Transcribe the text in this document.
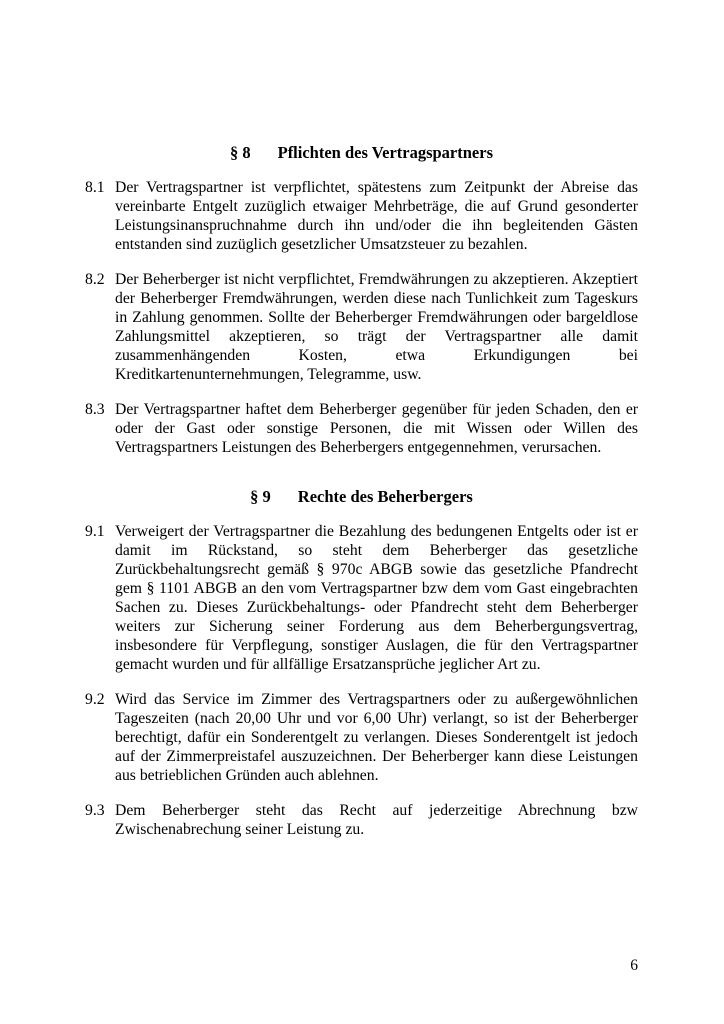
§ 8 Pflichten des Vertragspartners
8.1 Der Vertragspartner ist verpflichtet, spätestens zum Zeitpunkt der Abreise das vereinbarte Entgelt zuzüglich etwaiger Mehrbeträge, die auf Grund gesonderter Leistungsinanspruchnahme durch ihn und/oder die ihn begleitenden Gästen entstanden sind zuzüglich gesetzlicher Umsatzsteuer zu bezahlen.

8.2 Der Beherberger ist nicht verpflichtet, Fremdwährungen zu akzeptieren. Akzeptiert der Beherberger Fremdwährungen, werden diese nach Tunlichkeit zum Tageskurs in Zahlung genommen. Sollte der Beherberger Fremdwährungen oder bargeldlose Zahlungsmittel akzeptieren, so trägt der Vertragspartner alle damit zusammenhängenden Kosten, etwa Erkundigungen bei Kreditkartenunternehmungen, Telegramme, usw.

8.3 Der Vertragspartner haftet dem Beherberger gegenüber für jeden Schaden, den er oder der Gast oder sonstige Personen, die mit Wissen oder Willen des Vertragspartners Leistungen des Beherbergers entgegennehmen, verursachen.

§ 9 Rechte des Beherbergers
9.1 Verweigert der Vertragspartner die Bezahlung des bedungenen Entgelts oder ist er damit im Rückstand, so steht dem Beherberger das gesetzliche Zurückbehaltungsrecht gemäß § 970c ABGB sowie das gesetzliche Pfandrecht gem § 1101 ABGB an den vom Vertragspartner bzw dem vom Gast eingebrachten Sachen zu. Dieses Zurückbehaltungs- oder Pfandrecht steht dem Beherberger weiters zur Sicherung seiner Forderung aus dem Beherbergungsvertrag, insbesondere für Verpflegung, sonstiger Auslagen, die für den Vertragspartner gemacht wurden und für allfällige Ersatzansprüche jeglicher Art zu.

9.2 Wird das Service im Zimmer des Vertragspartners oder zu außergewöhnlichen Tageszeiten (nach 20,00 Uhr und vor 6,00 Uhr) verlangt, so ist der Beherberger berechtigt, dafür ein Sonderentgelt zu verlangen. Dieses Sonderentgelt ist jedoch auf der Zimmerpreistafel auszuzeichnen. Der Beherberger kann diese Leistungen aus betrieblichen Gründen auch ablehnen.

9.3 Dem Beherberger steht das Recht auf jederzeitige Abrechnung bzw Zwischenabrechung seiner Leistung zu.

6
